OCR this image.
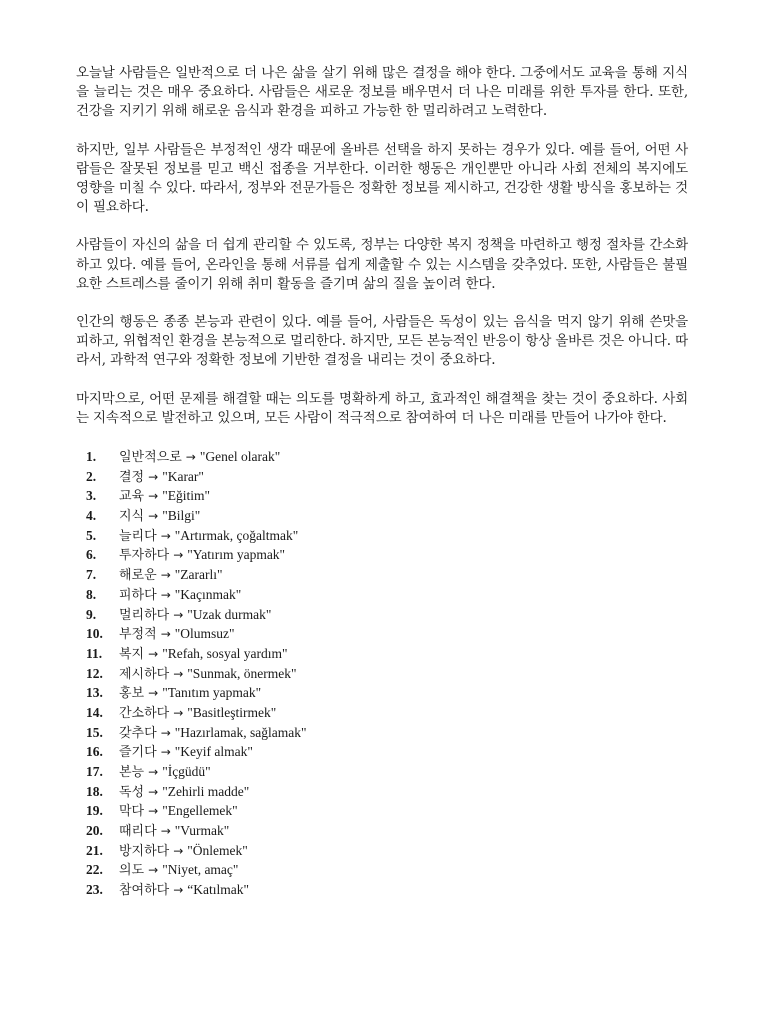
오늘날 사람들은 일반적으로 더 나은 삶을 살기 위해 많은 결정을 해야 한다. 그중에서도 교육을 통해 지식을 늘리는 것은 매우 중요하다. 사람들은 새로운 정보를 배우면서 더 나은 미래를 위한 투자를 한다. 또한, 건강을 지키기 위해 해로운 음식과 환경을 피하고 가능한 한 멀리하려고 노력한다.

하지만, 일부 사람들은 부정적인 생각 때문에 올바른 선택을 하지 못하는 경우가 있다. 예를 들어, 어떤 사람들은 잘못된 정보를 믿고 백신 접종을 거부한다. 이러한 행동은 개인뿐만 아니라 사회 전체의 복지에도 영향을 미칠 수 있다. 따라서, 정부와 전문가들은 정확한 정보를 제시하고, 건강한 생활 방식을 홍보하는 것이 필요하다.

사람들이 자신의 삶을 더 쉽게 관리할 수 있도록, 정부는 다양한 복지 정책을 마련하고 행정 절차를 간소화하고 있다. 예를 들어, 온라인을 통해 서류를 쉽게 제출할 수 있는 시스템을 갖추었다. 또한, 사람들은 불필요한 스트레스를 줄이기 위해 취미 활동을 즐기며 삶의 질을 높이려 한다.

인간의 행동은 종종 본능과 관련이 있다. 예를 들어, 사람들은 독성이 있는 음식을 먹지 않기 위해 쓴맛을 피하고, 위협적인 환경을 본능적으로 멀리한다. 하지만, 모든 본능적인 반응이 항상 올바른 것은 아니다. 따라서, 과학적 연구와 정확한 정보에 기반한 결정을 내리는 것이 중요하다.

마지막으로, 어떤 문제를 해결할 때는 의도를 명확하게 하고, 효과적인 해결책을 찾는 것이 중요하다. 사회는 지속적으로 발전하고 있으며, 모든 사람이 적극적으로 참여하여 더 나은 미래를 만들어 나가야 한다.

1.	일반적으로 → "Genel olarak"
2.	결정 → "Karar"
3.	교육 → "Eğitim"
4.	지식 → "Bilgi"
5.	늘리다 → "Artırmak, çoğaltmak"
6.	투자하다 → "Yatırım yapmak"
7.	해로운 → "Zararlı"
8.	피하다 → "Kaçınmak"
9.	멀리하다 → "Uzak durmak"
10.	부정적 → "Olumsuz"
11.	복지 → "Refah, sosyal yardım"
12.	제시하다 → "Sunmak, önermek"
13.	홍보 → "Tanıtım yapmak"
14.	간소하다 → "Basitleştirmek"
15.	갖추다 → "Hazırlamak, sağlamak"
16.	즐기다 → "Keyif almak"
17.	본능 → "İçgüdü"
18.	독성 → "Zehirli madde"
19.	막다 → "Engellemek"
20.	때리다 → "Vurmak"
21.	방지하다 → "Önlemek"
22.	의도 → "Niyet, amaç"
23.	참여하다 → “Katılmak"
